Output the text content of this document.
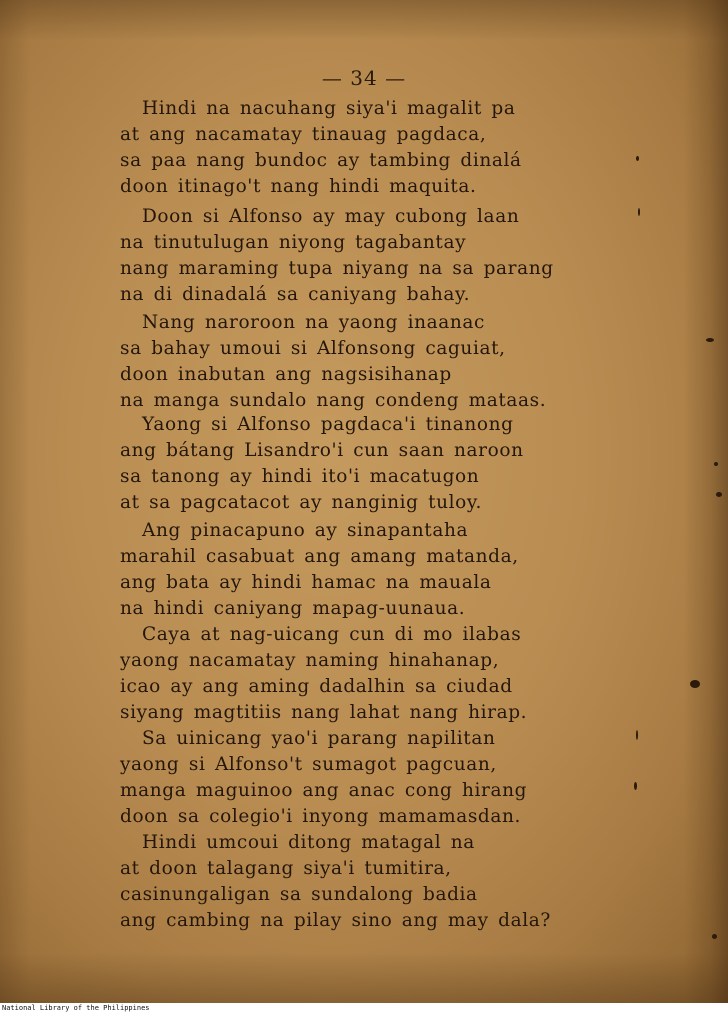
— 34 —
Hindi na nacuhang siya'i magalit pa
at ang nacamatay tinauag pagdaca,
sa paa nang bundoc ay tambing dinalá
doon itinago't nang hindi maquita.
Doon si Alfonso ay may cubong laan
na tinutulugan niyong tagabantay
nang maraming tupa niyang na sa parang
na di dinadalá sa caniyang bahay.
Nang naroroon na yaong inaanac
sa bahay umoui si Alfonsong caguiat,
doon inabutan ang nagsisihanap
na manga sundalo nang condeng mataas.
Yaong si Alfonso pagdaca'i tinanong
ang bátang Lisandro'i cun saan naroon
sa tanong ay hindi ito'i macatugon
at sa pagcatacot ay nanginig tuloy.
Ang pinacapuno ay sinapantaha
marahil casabuat ang amang matanda,
ang bata ay hindi hamac na mauala
na hindi caniyang mapag-uunaua.
Caya at nag-uicang cun di mo ilabas
yaong nacamatay naming hinahanap,
icao ay ang aming dadalhin sa ciudad
siyang magtitiis nang lahat nang hirap.
Sa uinicang yao'i parang napilitan
yaong si Alfonso't sumagot pagcuan,
manga maguinoo ang anac cong hirang
doon sa colegio'i inyong mamamasdan.
Hindi umcoui ditong matagal na
at doon talagang siya'i tumitira,
casinungaligan sa sundalong badia
ang cambing na pilay sino ang may dala?
National Library of the Philippines
